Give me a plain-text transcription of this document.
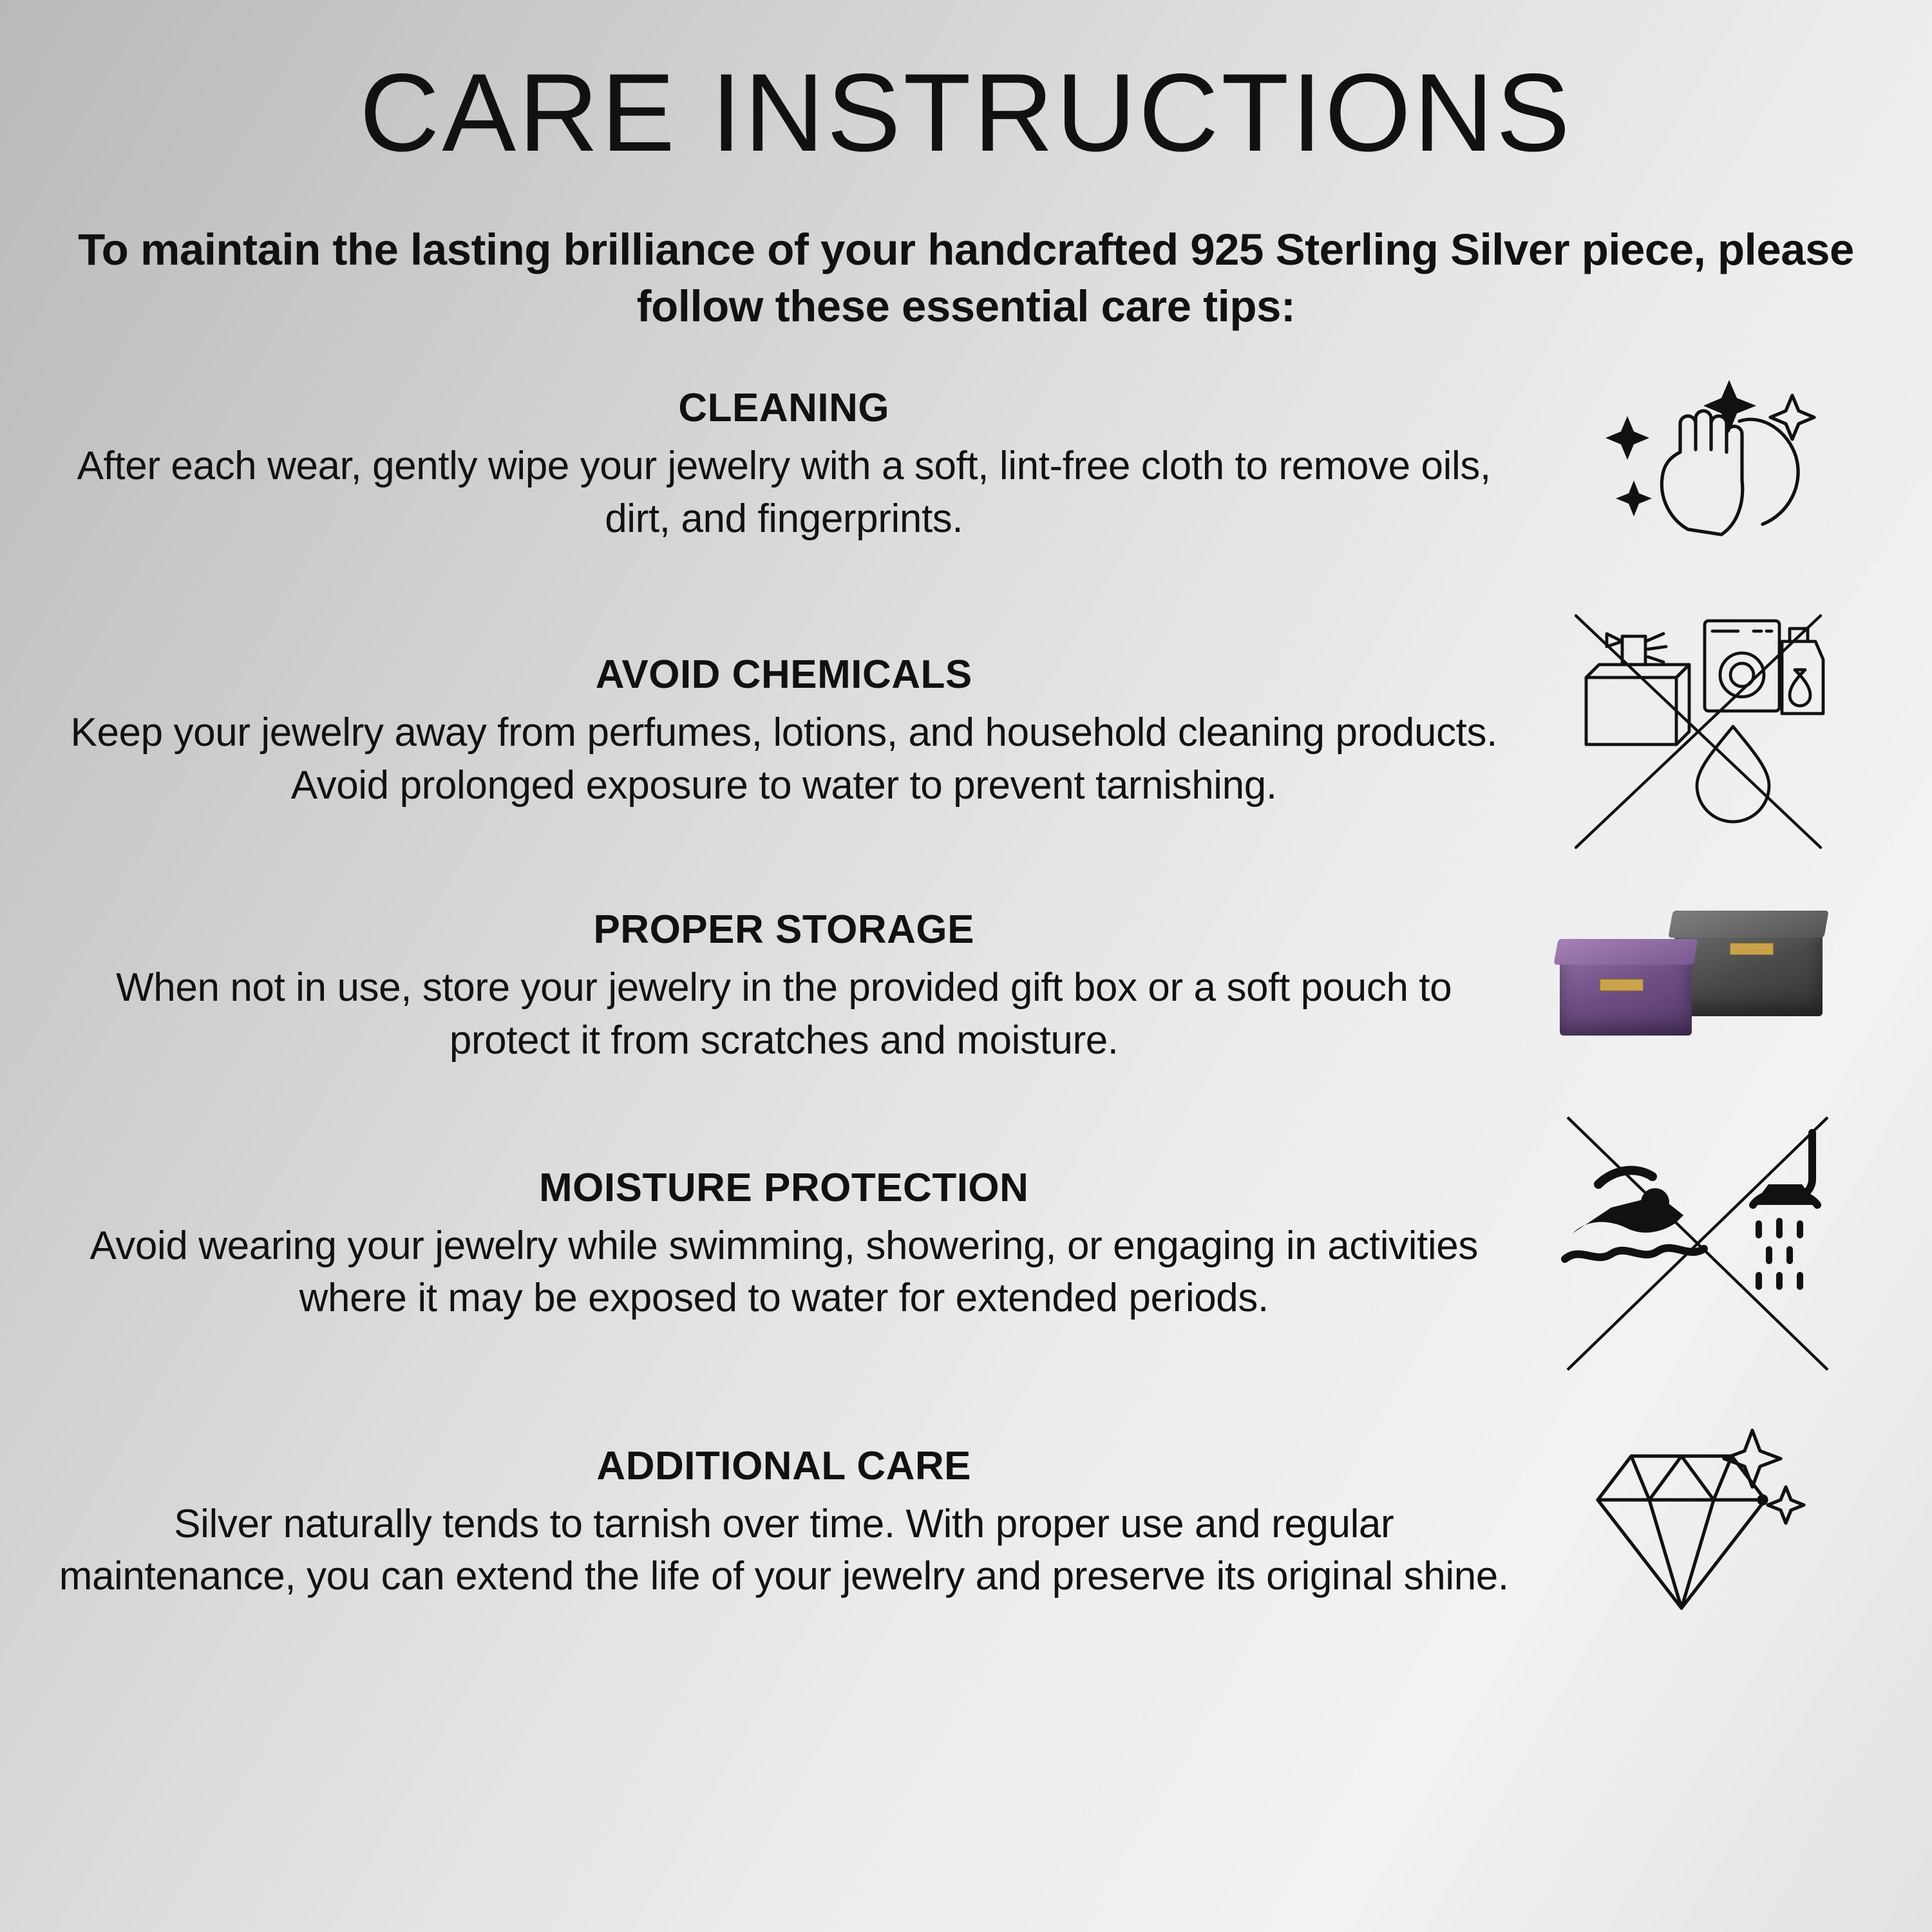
CARE INSTRUCTIONS

To maintain the lasting brilliance of your handcrafted 925 Sterling Silver piece, please follow these essential care tips:

CLEANING
After each wear, gently wipe your jewelry with a soft, lint-free cloth to remove oils, dirt, and fingerprints.
AVOID CHEMICALS
Keep your jewelry away from perfumes, lotions, and household cleaning products. Avoid prolonged exposure to water to prevent tarnishing.
PROPER STORAGE
When not in use, store your jewelry in the provided gift box or a soft pouch to protect it from scratches and moisture.
MOISTURE PROTECTION
Avoid wearing your jewelry while swimming, showering, or engaging in activities where it may be exposed to water for extended periods.
ADDITIONAL CARE
Silver naturally tends to tarnish over time. With proper use and regular maintenance, you can extend the life of your jewelry and preserve its original shine.
